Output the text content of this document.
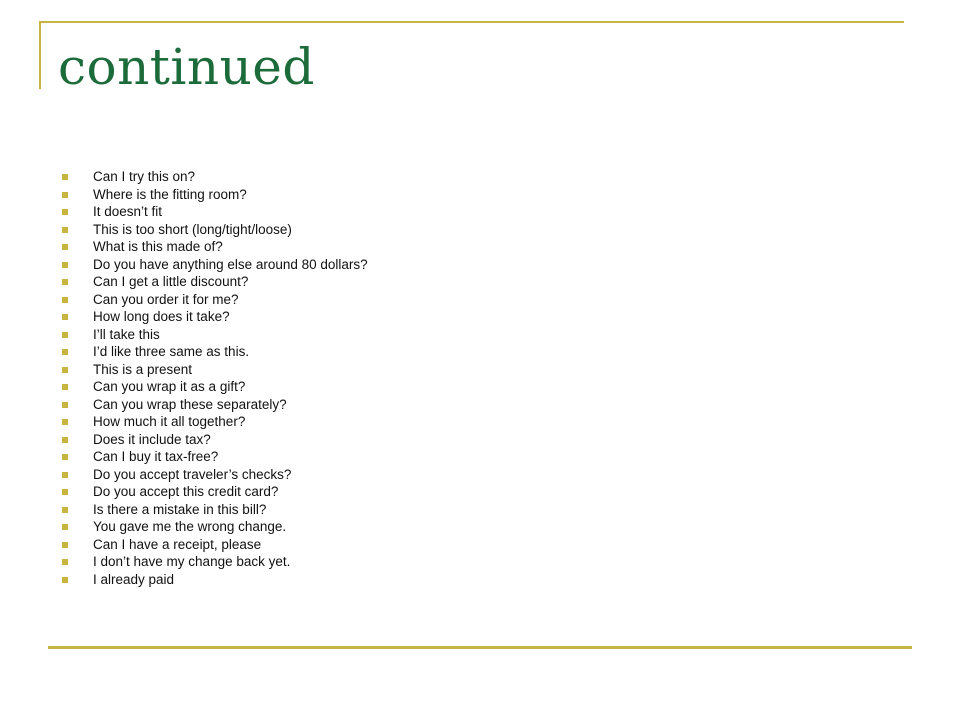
continued
Can I try this on?
Where is the fitting room?
It doesn’t fit
This is too short (long/tight/loose)
What is this made of?
Do you have anything else around 80 dollars?
Can I get a little discount?
Can you order it for me?
How long does it take?
I’ll take this
I’d like three same as this.
This is a present
Can you wrap it as a gift?
Can you wrap these separately?
How much it all together?
Does it include tax?
Can I buy it tax-free?
Do you accept traveler’s checks?
Do you accept this credit card?
Is there a mistake in this bill?
You gave me the wrong change.
Can I have a receipt, please
I don’t have my change back yet.
I already paid
